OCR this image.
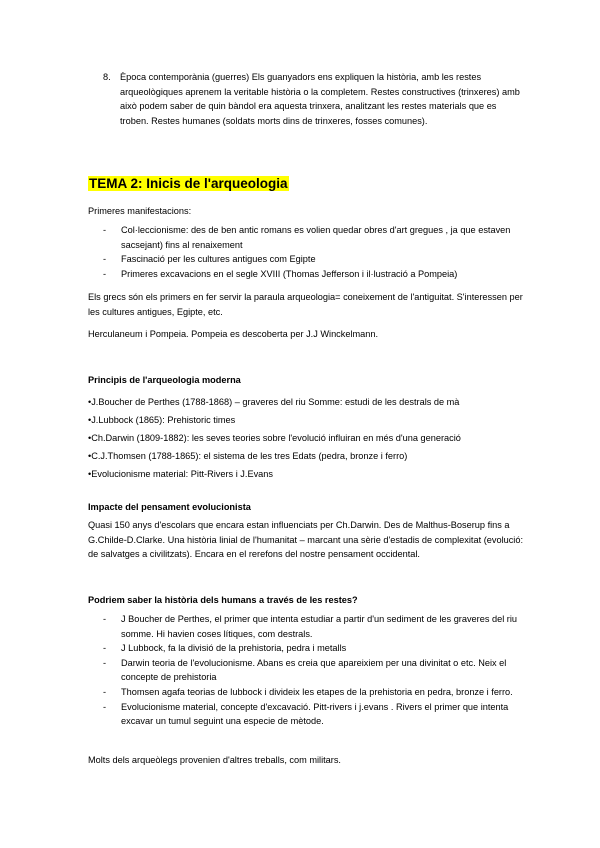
8. Època contemporània (guerres) Els guanyadors ens expliquen la història, amb les restes arqueològiques aprenem la veritable història o la completem. Restes constructives (trinxeres) amb això podem saber de quin bàndol era aquesta trinxera, analitzant les restes materials que es troben. Restes humanes (soldats morts dins de trinxeres, fosses comunes).
TEMA 2: Inicis de l'arqueologia
Primeres manifestacions:
- Col·leccionisme: des de ben antic romans es volien quedar obres d'art gregues , ja que estaven sacsejant) fins al renaixement
- Fascinació per les cultures antigues com Egipte
- Primeres excavacions en el segle XVIII (Thomas Jefferson i il·lustració a Pompeia)
Els grecs són els primers en fer servir la paraula arqueologia= coneixement de l'antiguitat. S'interessen per les cultures antigues, Egipte, etc.
Herculaneum i Pompeia. Pompeia es descoberta per J.J Winckelmann.
Principis de l'arqueologia moderna
•J.Boucher de Perthes (1788-1868) – graveres del riu Somme: estudi de les destrals de mà
•J.Lubbock (1865): Prehistoric times
•Ch.Darwin (1809-1882): les seves teories sobre l'evolució influiran en més d'una generació
•C.J.Thomsen (1788-1865): el sistema de les tres Edats (pedra, bronze i ferro)
•Evolucionisme material: Pitt-Rivers i J.Evans
Impacte del pensament evolucionista
Quasi 150 anys d'escolars que encara estan influenciats per Ch.Darwin. Des de Malthus-Boserup fins a G.Childe-D.Clarke. Una història linial de l'humanitat – marcant una sèrie d'estadis de complexitat (evolució: de salvatges a civilitzats). Encara en el rerefons del nostre pensament occidental.
Podriem saber la història dels humans a través de les restes?
- J Boucher de Perthes, el primer que intenta estudiar a partir d'un sediment de les graveres del riu somme. Hi havien coses lítiques, com destrals.
- J Lubbock, fa la divisió de la prehistoria, pedra i metalls
- Darwin teoria de l'evolucionisme. Abans es creia que apareixiem per una divinitat o etc. Neix el concepte de prehistoria
- Thomsen agafa teorias de lubbock i divideix les etapes de la prehistoria en pedra, bronze i ferro.
- Evolucionisme material, concepte d'excavació. Pitt-rivers i j.evans . Rivers el primer que intenta excavar un tumul seguint una especie de mètode.
Molts dels arqueòlegs provenien d'altres treballs, com militars.
